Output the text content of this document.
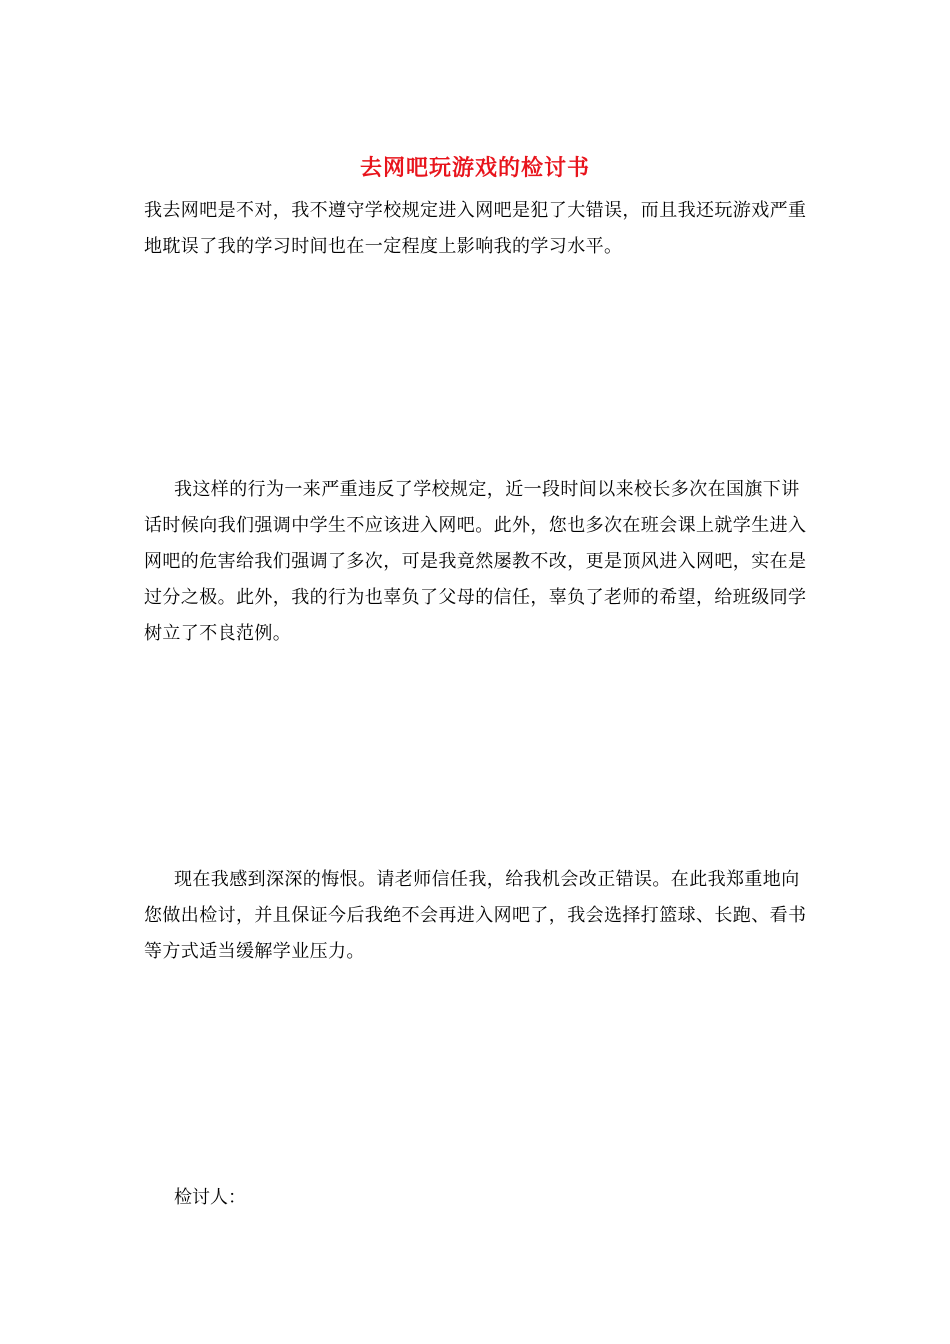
去网吧玩游戏的检讨书

我去网吧是不对，我不遵守学校规定进入网吧是犯了大错误，而且我还玩游戏严重地耽误了我的学习时间也在一定程度上影响我的学习水平。

我这样的行为一来严重违反了学校规定，近一段时间以来校长多次在国旗下讲话时候向我们强调中学生不应该进入网吧。此外，您也多次在班会课上就学生进入网吧的危害给我们强调了多次，可是我竟然屡教不改，更是顶风进入网吧，实在是过分之极。此外，我的行为也辜负了父母的信任，辜负了老师的希望，给班级同学树立了不良范例。

现在我感到深深的悔恨。请老师信任我，给我机会改正错误。在此我郑重地向您做出检讨，并且保证今后我绝不会再进入网吧了，我会选择打篮球、长跑、看书等方式适当缓解学业压力。

检讨人：
